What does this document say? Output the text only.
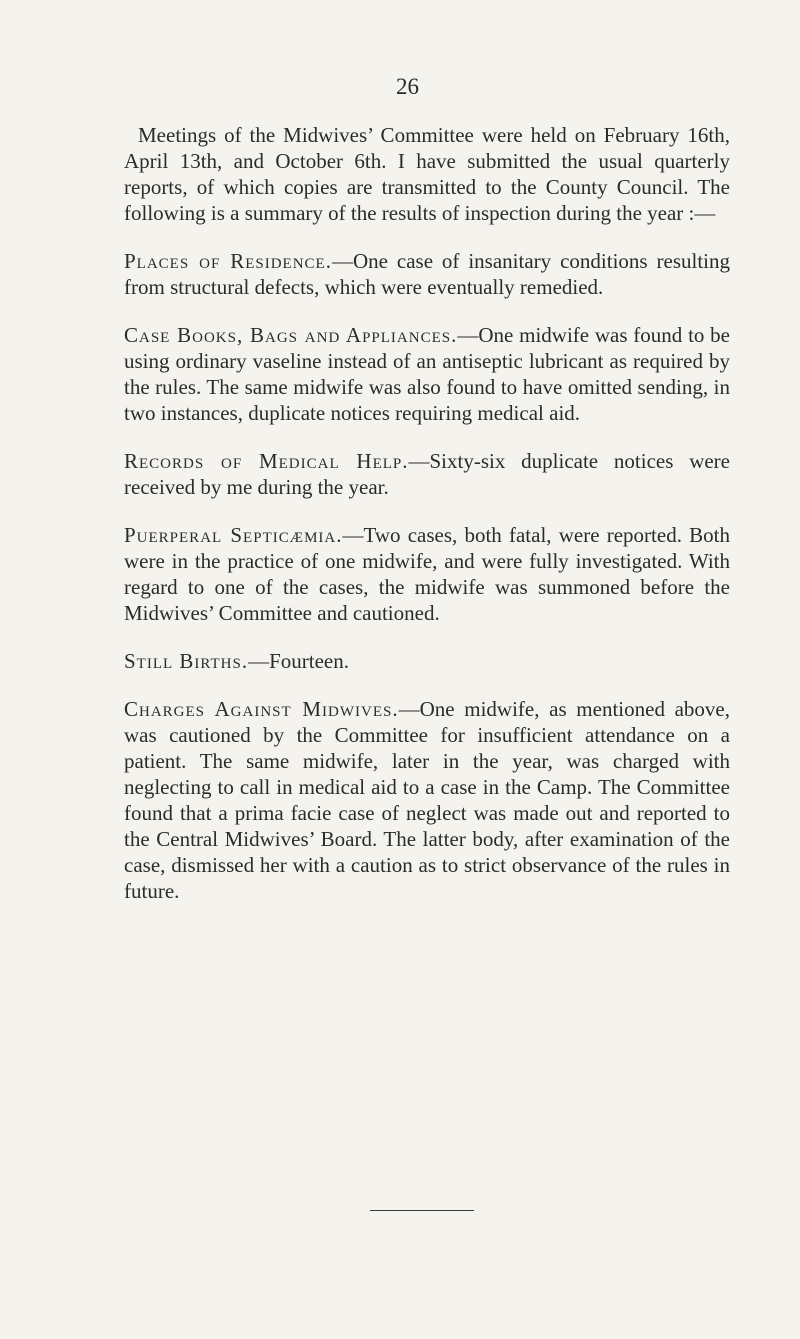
26

Meetings of the Midwives’ Committee were held on February 16th, April 13th, and October 6th. I have submitted the usual quarterly reports, of which copies are transmitted to the County Council. The following is a summary of the results of inspection during the year :—

Places of Residence.—One case of insanitary conditions resulting from structural defects, which were eventually remedied.

Case Books, Bags and Appliances.—One midwife was found to be using ordinary vaseline instead of an antiseptic lubricant as required by the rules. The same midwife was also found to have omitted sending, in two instances, duplicate notices requiring medical aid.

Records of Medical Help.—Sixty-six duplicate notices were received by me during the year.

Puerperal Septicæmia.—Two cases, both fatal, were reported. Both were in the practice of one midwife, and were fully investigated. With regard to one of the cases, the midwife was summoned before the Midwives’ Committee and cautioned.

Still Births.—Fourteen.

Charges Against Midwives.—One midwife, as mentioned above, was cautioned by the Committee for insufficient attendance on a patient. The same midwife, later in the year, was charged with neglecting to call in medical aid to a case in the Camp. The Committee found that a prima facie case of neglect was made out and reported to the Central Midwives’ Board. The latter body, after examination of the case, dismissed her with a caution as to strict observance of the rules in future.
